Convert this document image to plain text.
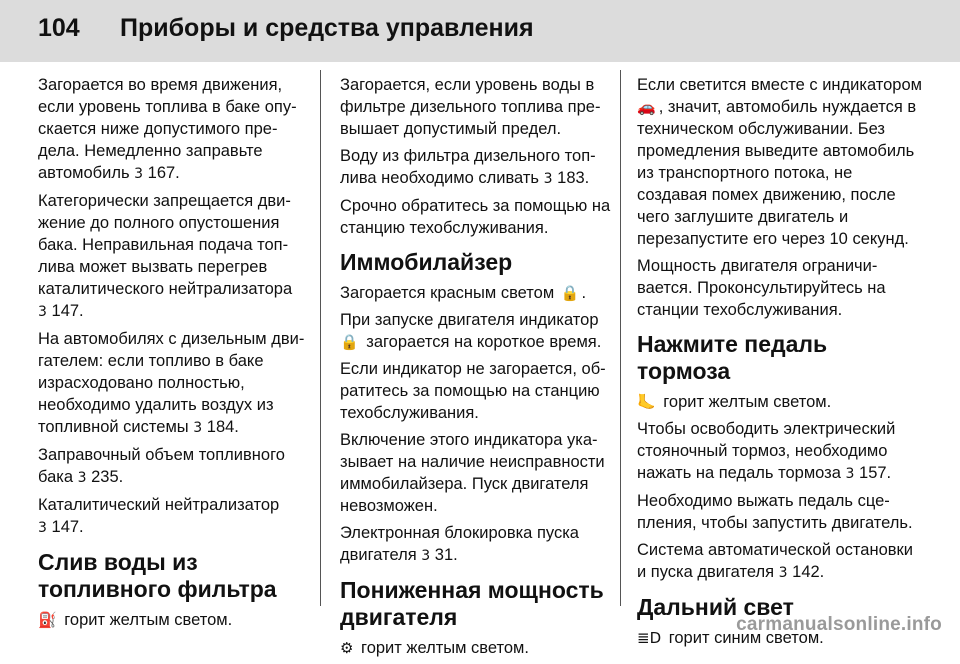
104 Приборы и средства управления

Загорается во время движения, если уровень топлива в баке опускается ниже допустимого предела. Немедленно заправьте автомобиль 3 167.

Категорически запрещается движение до полного опустошения бака. Неправильная подача топлива может вызвать перегрев каталитического нейтрализатора
3 147.

На автомобилях с дизельным двигателем: если топливо в баке израсходовано полностью, необходимо удалить воздух из топливной системы 3 184.

Заправочный объем топливного бака 3 235.

Каталитический нейтрализатор
3 147.

Слив воды из топливного фильтра

⛽ горит желтым светом.

Загорается, если уровень воды в фильтре дизельного топлива превышает допустимый предел.

Воду из фильтра дизельного топлива необходимо сливать 3 183.

Срочно обратитесь за помощью на станцию техобслуживания.

Иммобилайзер

Загорается красным светом 🔒 .

При запуске двигателя индикатор
🔒 загорается на короткое время.

Если индикатор не загорается, обратитесь за помощью на станцию техобслуживания.

Включение этого индикатора указывает на наличие неисправности иммобилайзера. Пуск двигателя невозможен.

Электронная блокировка пуска двигателя 3 31.

Пониженная мощность двигателя

⚙ горит желтым светом.

Если светится вместе с индикатором 🚗 , значит, автомобиль нуждается в техническом обслуживании. Без промедления выведите автомобиль из транспортного потока, не создавая помех движению, после чего заглушите двигатель и перезапустите его через 10 секунд.

Мощность двигателя ограничивается. Проконсультируйтесь на станции техобслуживания.

Нажмите педаль тормоза

🦶 горит желтым светом.

Чтобы освободить электрический стояночный тормоз, необходимо нажать на педаль тормоза 3 157.

Необходимо выжать педаль сцепления, чтобы запустить двигатель.

Система автоматической остановки и пуска двигателя 3 142.

Дальний свет

≣D горит синим светом.

carmanualsonline.info
